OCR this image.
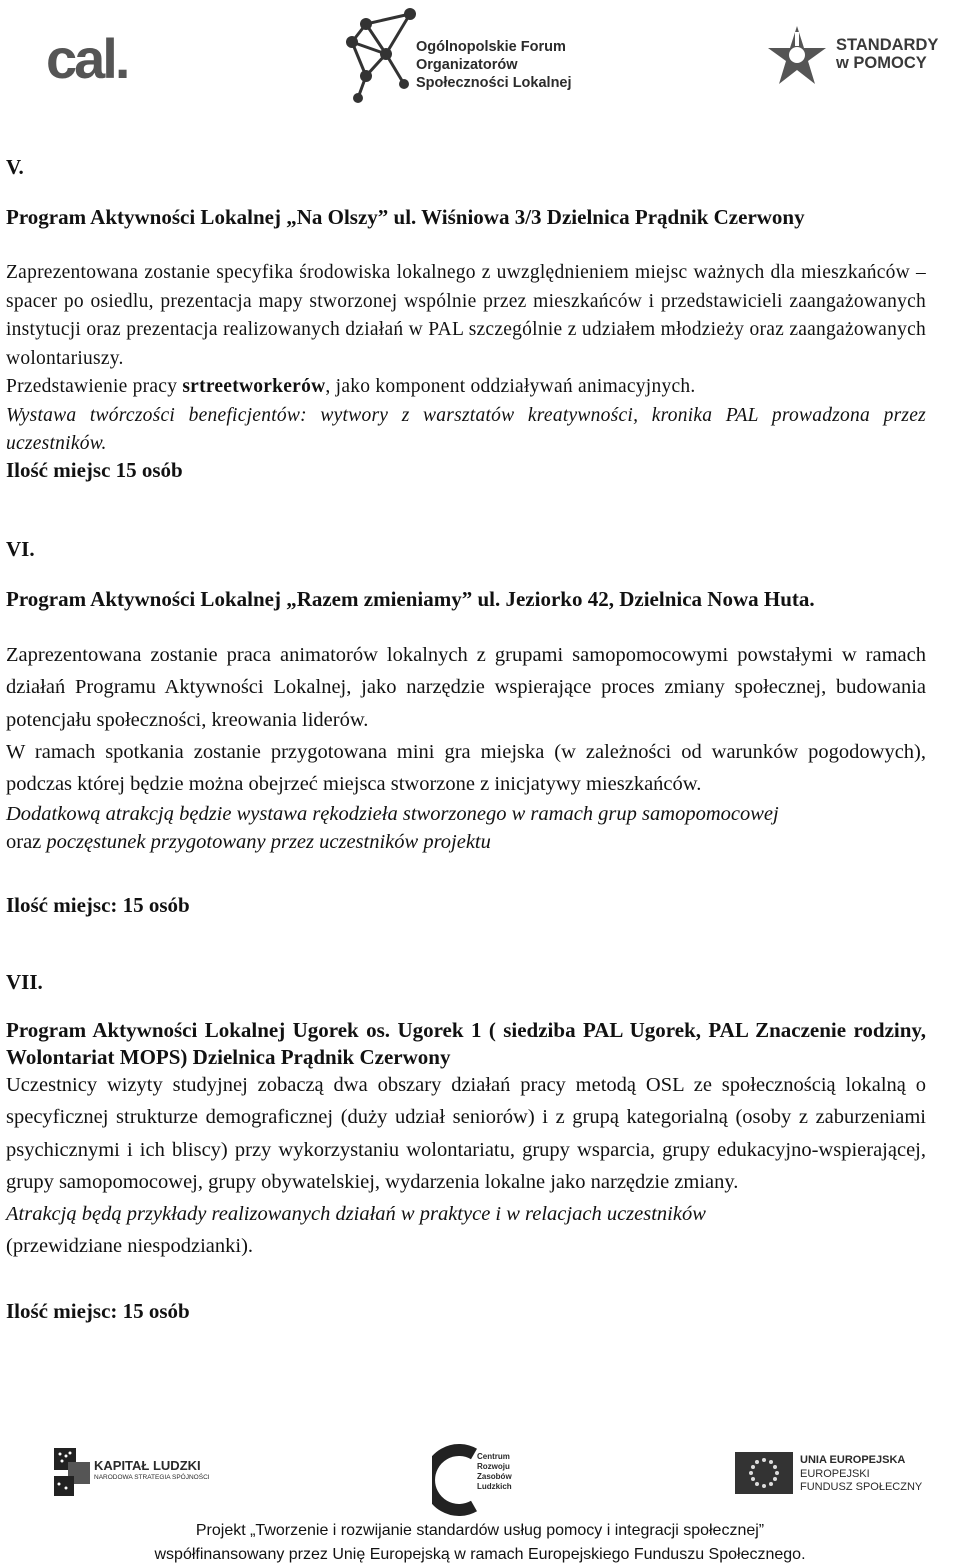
cal.	Ogólnopolskie Forum
Organizatorów
Społeczności Lokalnej
STANDARDY
w POMOCY
V.
Program Aktywności Lokalnej „Na Olszy” ul. Wiśniowa 3/3 Dzielnica Prądnik Czerwony
Zaprezentowana zostanie specyfika środowiska lokalnego z uwzględnieniem miejsc ważnych dla mieszkańców – spacer po osiedlu, prezentacja mapy stworzonej wspólnie przez mieszkańców i przedstawicieli zaangażowanych instytucji oraz prezentacja realizowanych działań w PAL szczególnie z udziałem młodzieży oraz zaangażowanych wolontariuszy.
Przedstawienie pracy srtreetworkerów, jako komponent oddziaływań animacyjnych.
Wystawa twórczości beneficjentów: wytwory z warsztatów kreatywności, kronika PAL prowadzona przez uczestników.
Ilość miejsc 15 osób
VI.
Program Aktywności Lokalnej „Razem zmieniamy” ul. Jeziorko 42, Dzielnica Nowa Huta.
Zaprezentowana zostanie praca animatorów lokalnych z grupami samopomocowymi powstałymi w ramach działań Programu Aktywności Lokalnej, jako narzędzie wspierające proces zmiany społecznej, budowania potencjału społeczności, kreowania liderów.
W ramach spotkania zostanie przygotowana mini gra miejska (w zależności od warunków pogodowych), podczas której będzie można obejrzeć miejsca stworzone z inicjatywy mieszkańców.
Dodatkową atrakcją będzie wystawa rękodzieła stworzonego w ramach grup samopomocowej
oraz poczęstunek przygotowany przez uczestników projektu
Ilość miejsc: 15 osób
VII.
Program Aktywności Lokalnej Ugorek os. Ugorek 1 ( siedziba PAL Ugorek, PAL Znaczenie rodziny, Wolontariat MOPS) Dzielnica Prądnik Czerwony
Uczestnicy wizyty studyjnej zobaczą dwa obszary działań pracy metodą OSL ze społecznością lokalną o specyficznej strukturze demograficznej (duży udział seniorów) i z grupą kategorialną (osoby z zaburzeniami psychicznymi i ich bliscy) przy wykorzystaniu wolontariatu, grupy wsparcia, grupy edukacyjno-wspierającej, grupy samopomocowej, grupy obywatelskiej, wydarzenia lokalne jako narzędzie zmiany.
Atrakcją będą przykłady realizowanych działań w praktyce i w relacjach uczestników
(przewidziane niespodzianki).
Ilość miejsc: 15 osób
KAPITAŁ LUDZKI
NARODOWA STRATEGIA SPÓJNOŚCI
Centrum
Rozwoju
Zasobów
Ludzkich
UNIA EUROPEJSKA
EUROPEJSKI
FUNDUSZ SPOŁECZNY
Projekt „Tworzenie i rozwijanie standardów usług pomocy i integracji społecznej”
współfinansowany przez Unię Europejską w ramach Europejskiego Funduszu Społecznego.
